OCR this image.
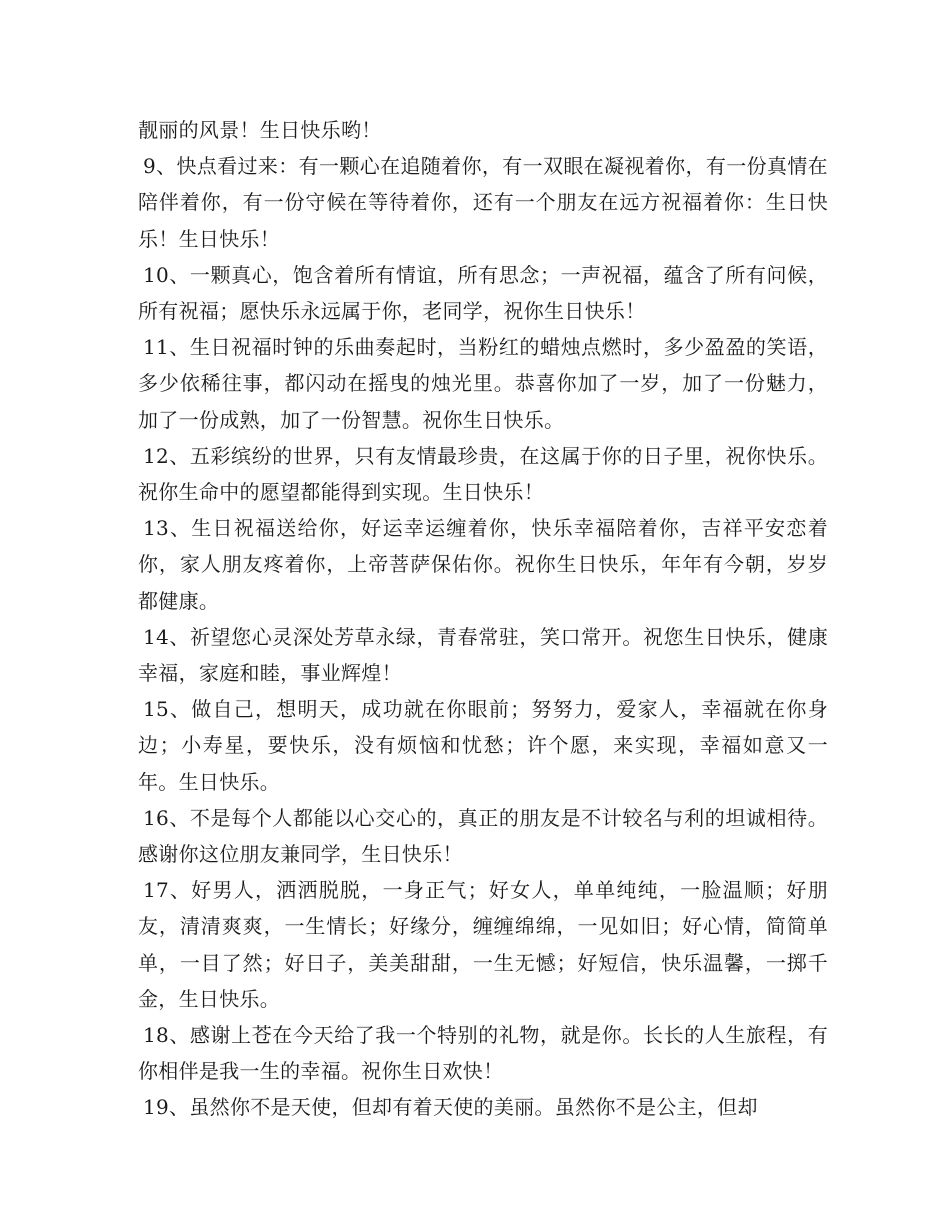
靓丽的风景！生日快乐哟！

9、快点看过来：有一颗心在追随着你，有一双眼在凝视着你，有一份真情在陪伴着你，有一份守候在等待着你，还有一个朋友在远方祝福着你：生日快乐！生日快乐！

10、一颗真心，饱含着所有情谊，所有思念；一声祝福，蕴含了所有问候，所有祝福；愿快乐永远属于你，老同学，祝你生日快乐！

11、生日祝福时钟的乐曲奏起时，当粉红的蜡烛点燃时，多少盈盈的笑语，多少依稀往事，都闪动在摇曳的烛光里。恭喜你加了一岁，加了一份魅力，加了一份成熟，加了一份智慧。祝你生日快乐。

12、五彩缤纷的世界，只有友情最珍贵，在这属于你的日子里，祝你快乐。祝你生命中的愿望都能得到实现。生日快乐！

13、生日祝福送给你，好运幸运缠着你，快乐幸福陪着你，吉祥平安恋着你，家人朋友疼着你，上帝菩萨保佑你。祝你生日快乐，年年有今朝，岁岁都健康。

14、祈望您心灵深处芳草永绿，青春常驻，笑口常开。祝您生日快乐，健康幸福，家庭和睦，事业辉煌！

15、做自己，想明天，成功就在你眼前；努努力，爱家人，幸福就在你身边；小寿星，要快乐，没有烦恼和忧愁；许个愿，来实现，幸福如意又一年。生日快乐。

16、不是每个人都能以心交心的，真正的朋友是不计较名与利的坦诚相待。感谢你这位朋友兼同学，生日快乐！

17、好男人，洒洒脱脱，一身正气；好女人，单单纯纯，一脸温顺；好朋友，清清爽爽，一生情长；好缘分，缠缠绵绵，一见如旧；好心情，简简单单，一目了然；好日子，美美甜甜，一生无憾；好短信，快乐温馨，一掷千金，生日快乐。

18、感谢上苍在今天给了我一个特别的礼物，就是你。长长的人生旅程，有你相伴是我一生的幸福。祝你生日欢快！

19、虽然你不是天使，但却有着天使的美丽。虽然你不是公主，但却
